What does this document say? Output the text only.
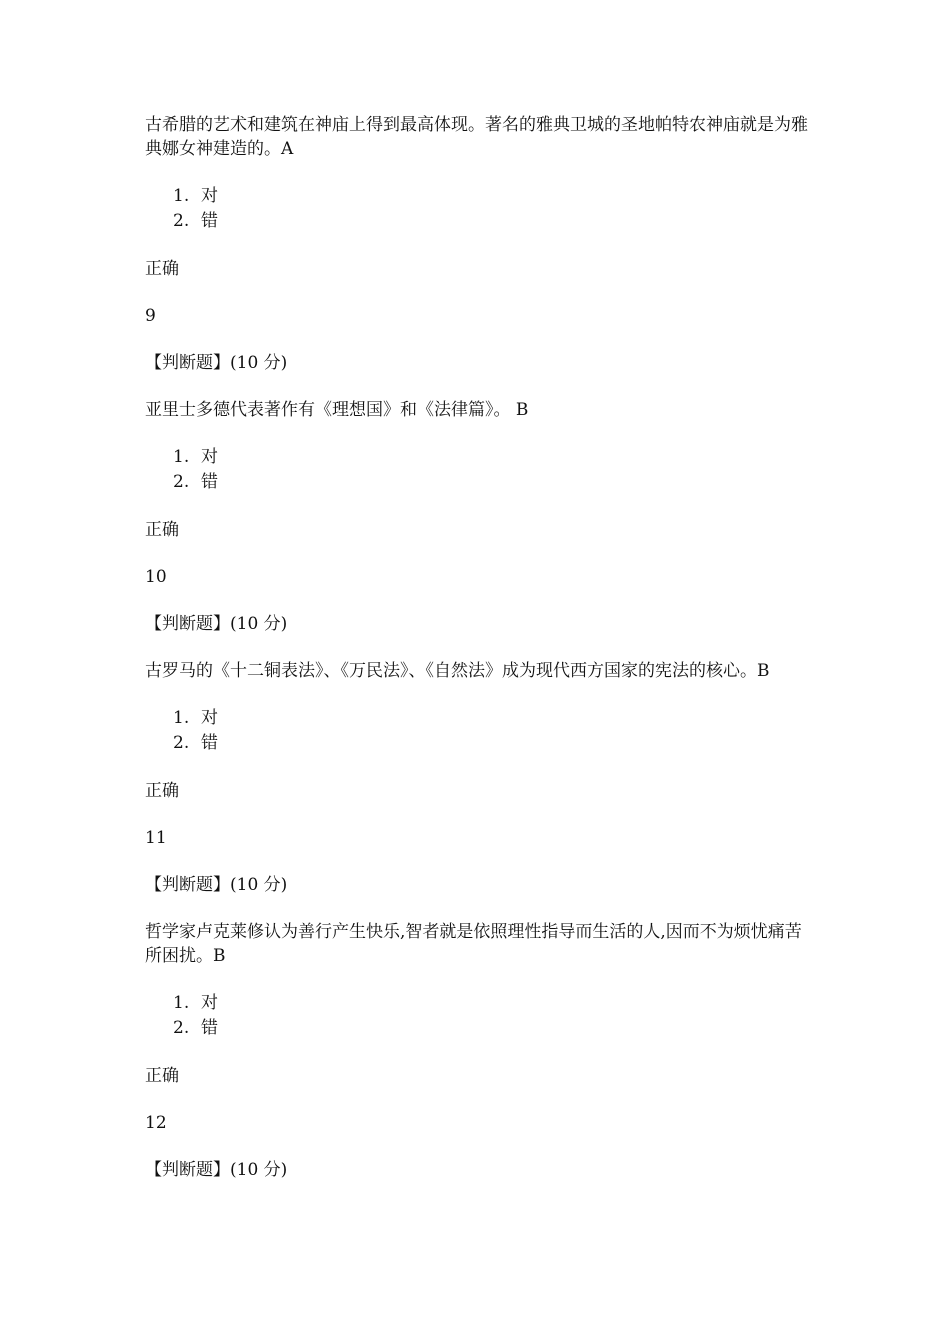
古希腊的艺术和建筑在神庙上得到最高体现。著名的雅典卫城的圣地帕特农神庙就是为雅典娜女神建造的。A

1. 对
2. 错

正确

9

【判断题】(10 分)

亚里士多德代表著作有《理想国》和《法律篇》。 B

1. 对
2. 错

正确

10

【判断题】(10 分)

古罗马的《十二铜表法》、《万民法》、《自然法》成为现代西方国家的宪法的核心。B

1. 对
2. 错

正确

11

【判断题】(10 分)

哲学家卢克莱修认为善行产生快乐,智者就是依照理性指导而生活的人,因而不为烦忧痛苦所困扰。B

1. 对
2. 错

正确

12

【判断题】(10 分)
